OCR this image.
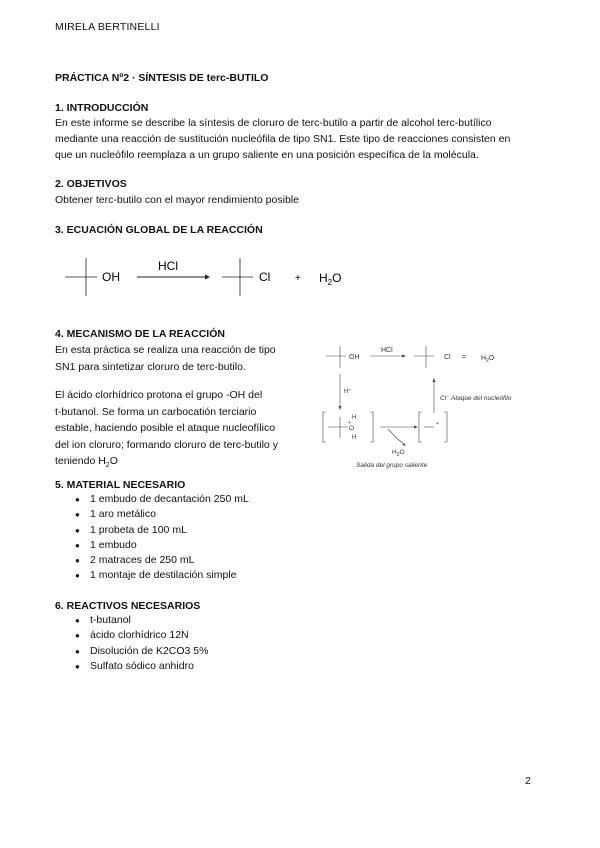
MIRELA BERTINELLI
PRÁCTICA Nº2 · SÍNTESIS DE terc-BUTILO
1. INTRODUCCIÓN
En este informe se describe la síntesis de cloruro de terc-butilo a partir de alcohol terc-butílico
mediante una reacción de sustitución nucleófila de tipo SN1. Este tipo de reacciones consisten en
que un nucleófilo reemplaza a un grupo saliente en una posición específica de la molécula.
2. OBJETIVOS
Obtener terc-butilo con el mayor rendimiento posible
3. ECUACIÓN GLOBAL DE LA REACCIÓN
OH
HCl
$Cl + H_2O$
4. MECANISMO DE LA REACCIÓN
En esta práctica se realiza una reacción de tipo
SN1 para sintetizar cloruro de terc-butilo.
El ácido clorhídrico protona el grupo -OH del
t-butanol. Se forma un carbocatión terciario
estable, haciendo posible el ataque nucleofílico
del ion cloruro; formando cloruro de terc-butilo y
teniendo $H_2O$
OH
HCl
$Cl = H_2O$
H⁺
Cl⁻ Ataque del nucleófilo
H
O
+
H
+
$H_2O$
Salida del grupo saliente
5. MATERIAL NECESARIO
● 1 embudo de decantación 250 mL
● 1 aro metálico
● 1 probeta de 100 mL
● 1 embudo
● 2 matraces de 250 mL
● 1 montaje de destilación simple
6. REACTIVOS NECESARIOS
● t-butanol
● ácido clorhídrico 12N
● Disolución de K2CO3 5%
● Sulfato sódico anhidro
2
